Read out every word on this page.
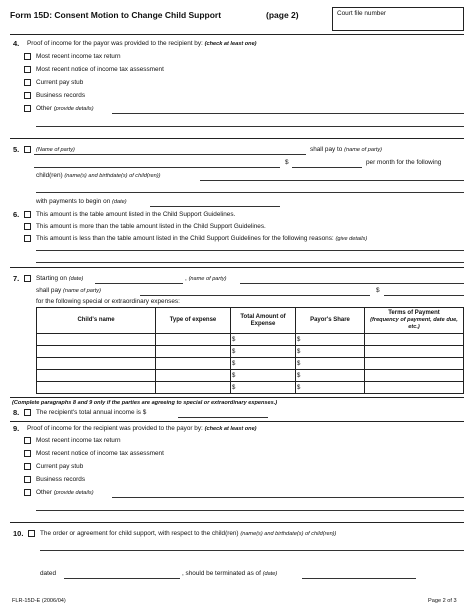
Form 15D: Consent Motion to Change Child Support	(page 2)	Court file number
4. Proof of income for the payor was provided to the recipient by: (check at least one)
Most recent income tax return
Most recent notice of income tax assessment
Current pay stub
Business records
Other (provide details)
5.	(Name of party)	shall pay to (name of party)
$	per month for the following
child(ren) (name(s) and birthdate(s) of child(ren))
with payments to begin on (date)
6.	This amount is the table amount listed in the Child Support Guidelines.
This amount is more than the table amount listed in the Child Support Guidelines.
This amount is less than the table amount listed in the Child Support Guidelines for the following reasons: (give details)
7.	Starting on (date)	, (name of party)
shall pay (name of party)	$
for the following special or extraordinary expenses:
Child's name	Type of expense	Total Amount of Expense	Payor's Share	Terms of Payment
(frequency of payment, date due, etc.)

		$	$	
		$	$	
		$	$	
		$	$	
		$	$	
(Complete paragraphs 8 and 9 only if the parties are agreeing to special or extraordinary expenses.)
8.	The recipient's total annual income is $
9. Proof of income for the recipient was provided to the payor by: (check at least one)
Most recent income tax return
Most recent notice of income tax assessment
Current pay stub
Business records
Other (provide details)
10.	The order or agreement for child support, with respect to the child(ren) (name(s) and birthdate(s) of child(ren))
dated	, should be terminated as of (date)
FLR-15D-E (2006/04)	Page 2 of 3
